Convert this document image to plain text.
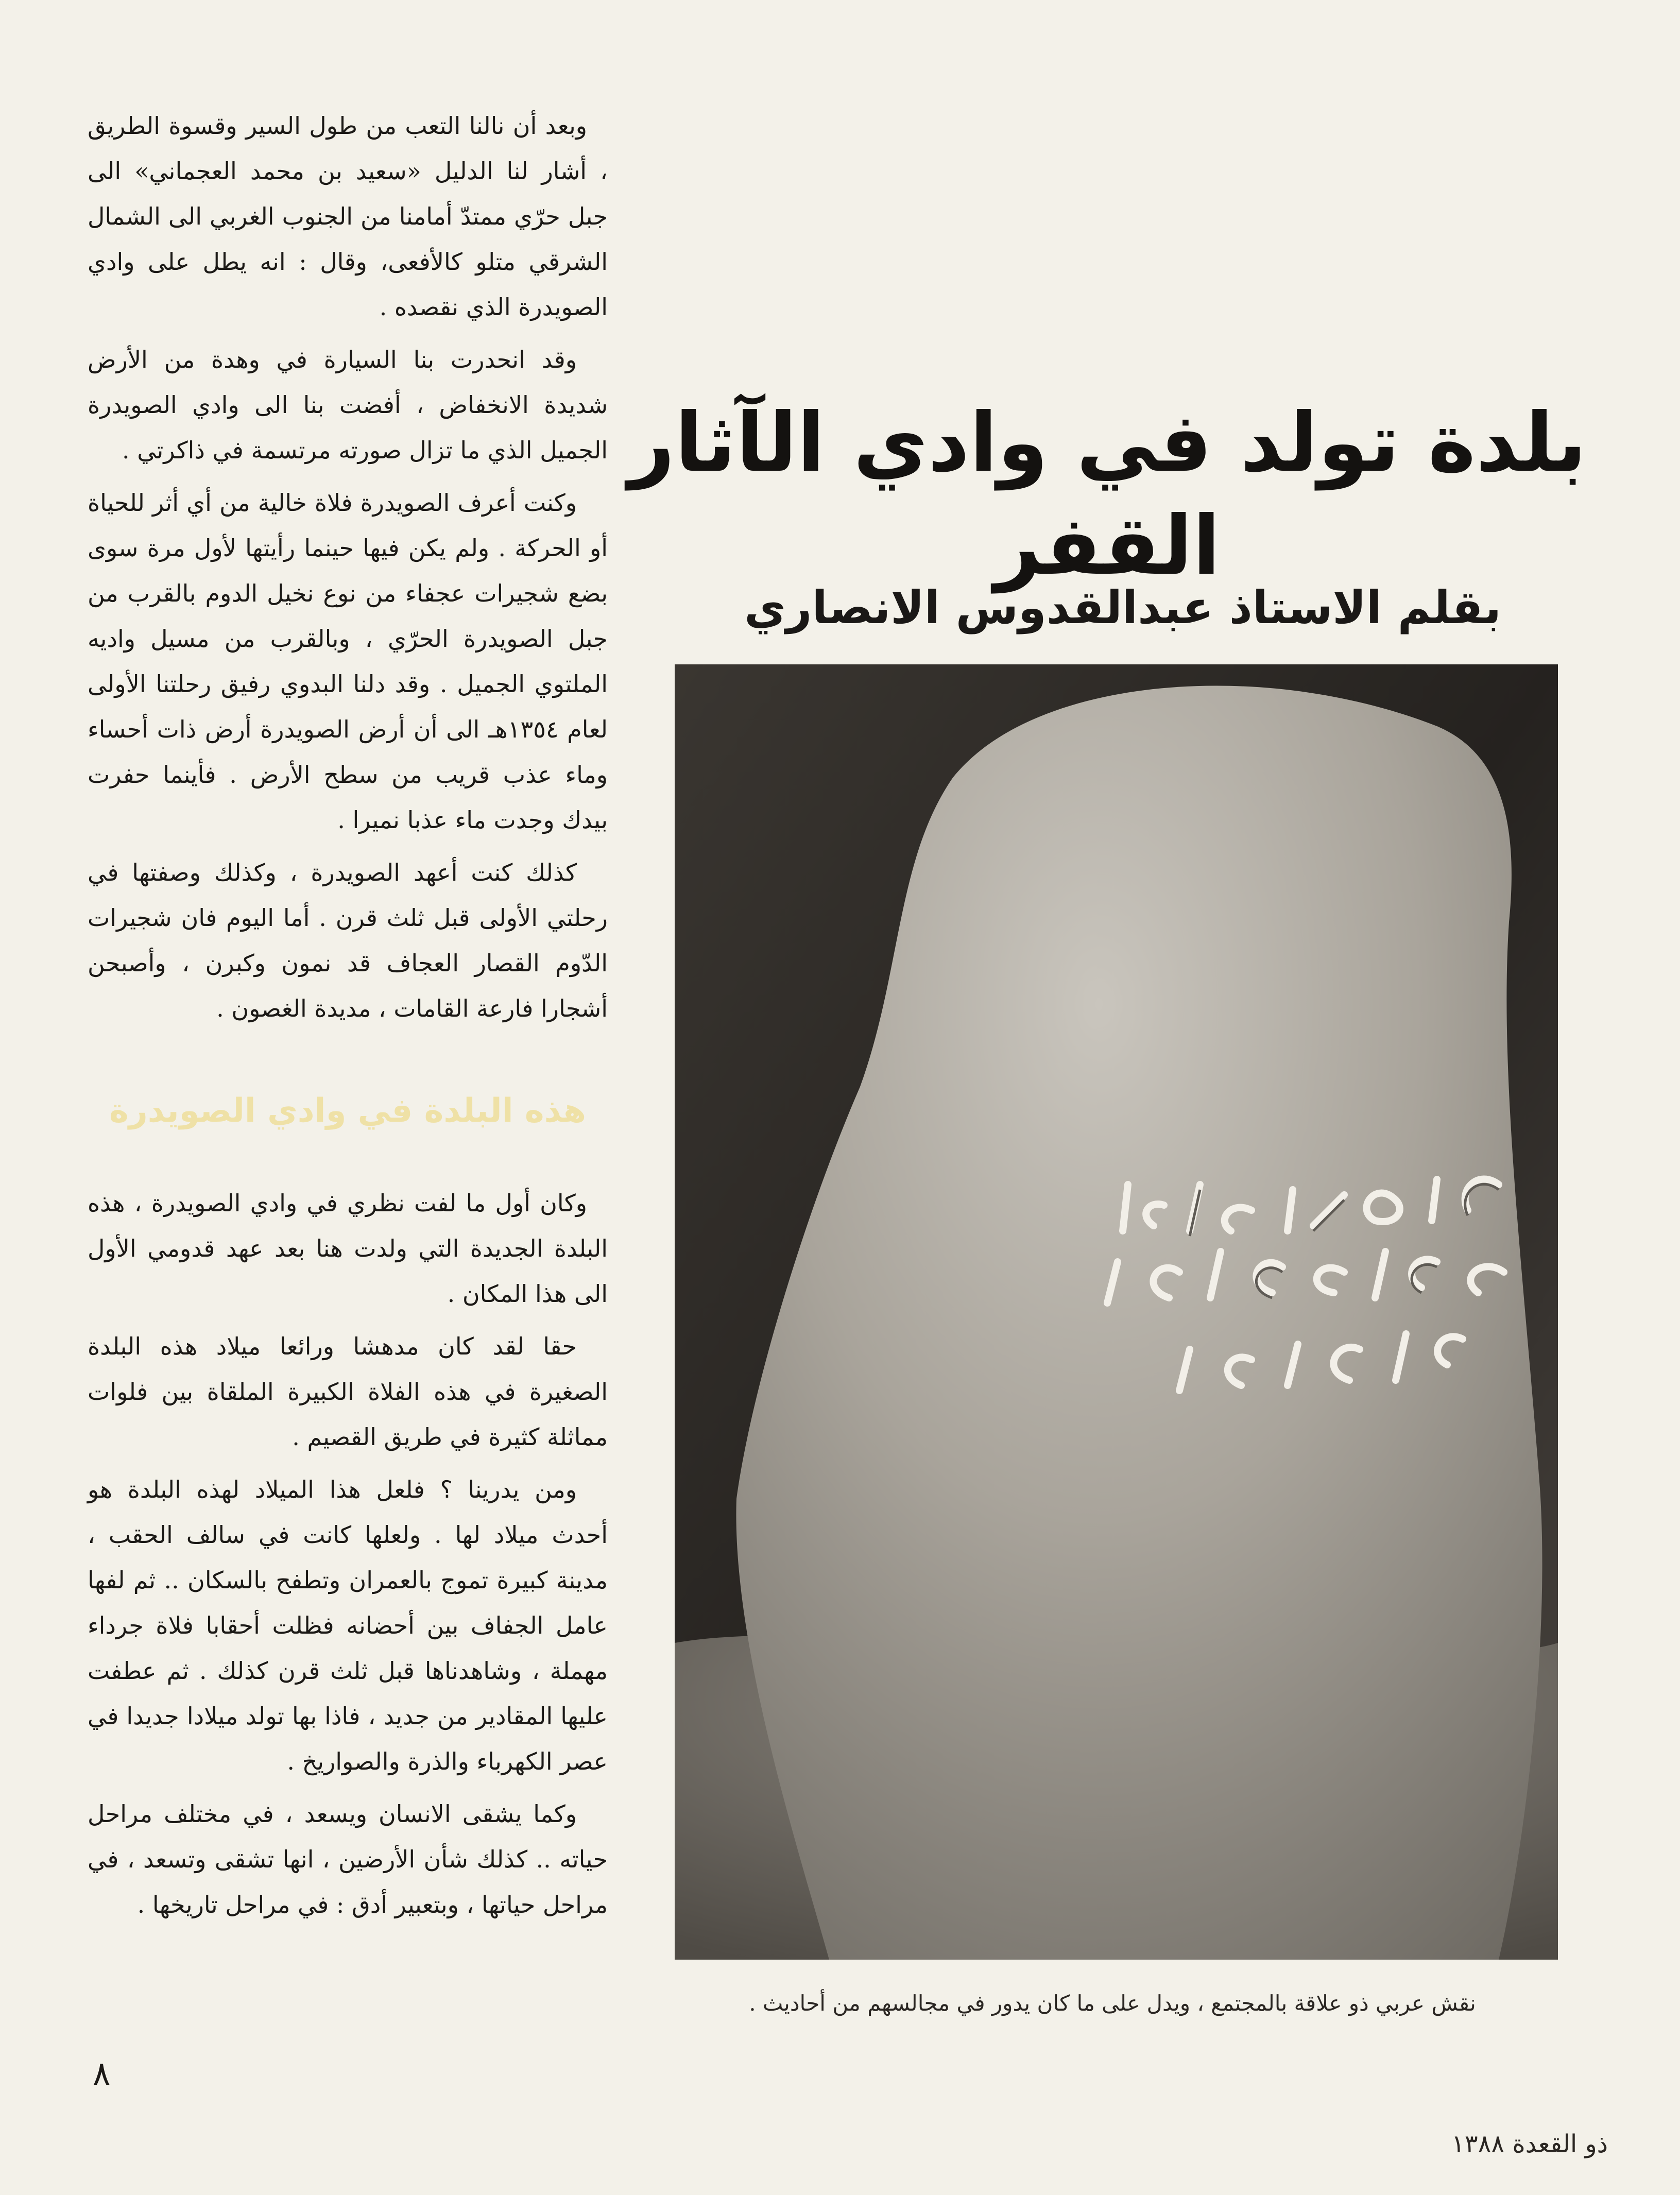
بلدة تولد في وادي الآثار القفر
بقلم الاستاذ عبدالقدوس الانصاري
نقش عربي ذو علاقة بالمجتمع ، ويدل على ما كان يدور في مجالسهم من أحاديث .

وبعد أن نالنا التعب من طول السير وقسوة الطريق ، أشار لنا الدليل «سعيد بن محمد العجماني» الى جبل حرّي ممتدّ أمامنا من الجنوب الغربي الى الشمال الشرقي متلو كالأفعى، وقال : انه يطل على وادي الصويدرة الذي نقصده .

وقد انحدرت بنا السيارة في وهدة من الأرض شديدة الانخفاض ، أفضت بنا الى وادي الصويدرة الجميل الذي ما تزال صورته مرتسمة في ذاكرتي .

وكنت أعرف الصويدرة فلاة خالية من أي أثر للحياة أو الحركة . ولم يكن فيها حينما رأيتها لأول مرة سوى بضع شجيرات عجفاء من نوع نخيل الدوم بالقرب من جبل الصويدرة الحرّي ، وبالقرب من مسيل واديه الملتوي الجميل . وقد دلنا البدوي رفيق رحلتنا الأولى لعام ١٣٥٤هـ الى أن أرض الصويدرة أرض ذات أحساء وماء عذب قريب من سطح الأرض . فأينما حفرت بيدك وجدت ماء عذبا نميرا .

كذلك كنت أعهد الصويدرة ، وكذلك وصفتها في رحلتي الأولى قبل ثلث قرن . أما اليوم فان شجيرات الدّوم القصار العجاف قد نمون وكبرن ، وأصبحن أشجارا فارعة القامات ، مديدة الغصون .

هذه البلدة في وادي الصويدرة

وكان أول ما لفت نظري في وادي الصويدرة ، هذه البلدة الجديدة التي ولدت هنا بعد عهد قدومي الأول الى هذا المكان .

حقا لقد كان مدهشا ورائعا ميلاد هذه البلدة الصغيرة في هذه الفلاة الكبيرة الملقاة بين فلوات مماثلة كثيرة في طريق القصيم .

ومن يدرينا ؟ فلعل هذا الميلاد لهذه البلدة هو أحدث ميلاد لها . ولعلها كانت في سالف الحقب ، مدينة كبيرة تموج بالعمران وتطفح بالسكان .. ثم لفها عامل الجفاف بين أحضانه فظلت أحقابا فلاة جرداء مهملة ، وشاهدناها قبل ثلث قرن كذلك . ثم عطفت عليها المقادير من جديد ، فاذا بها تولد ميلادا جديدا في عصر الكهرباء والذرة والصواريخ .

وكما يشقى الانسان ويسعد ، في مختلف مراحل حياته .. كذلك شأن الأرضين ، انها تشقى وتسعد ، في مراحل حياتها ، وبتعبير أدق : في مراحل تاريخها .

٨
ذو القعدة ١٣٨٨
